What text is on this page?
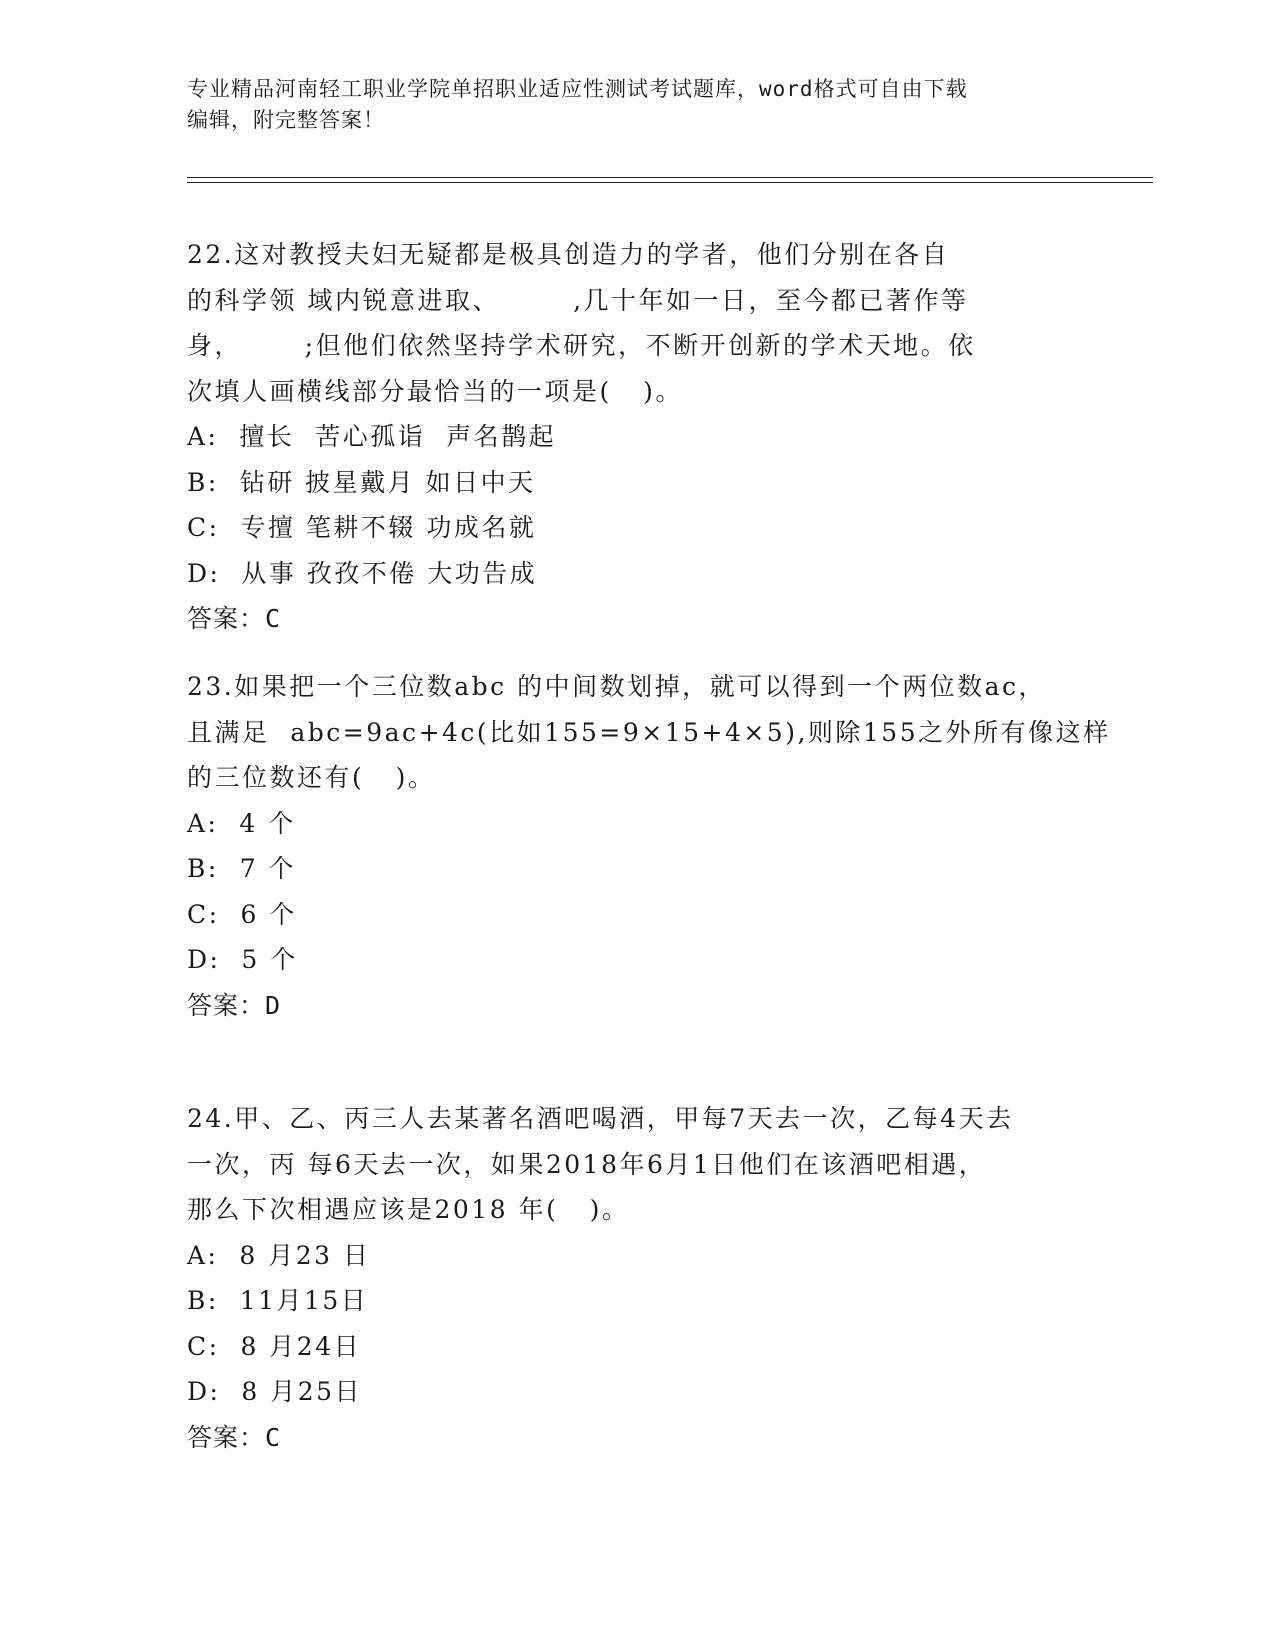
专业精品河南轻工职业学院单招职业适应性测试考试题库，word格式可自由下载
编辑，附完整答案！

22.这对教授夫妇无疑都是极具创造力的学者，他们分别在各自

的科学领 域内锐意进取、       ,几十年如一日，至今都已著作等

身，      ;但他们依然坚持学术研究，不断开创新的学术天地。依

次填人画横线部分最恰当的一项是(   )。

A:  擅长  苦心孤诣  声名鹊起
B:  钻研 披星戴月 如日中天
C:  专擅 笔耕不辍 功成名就
D:  从事 孜孜不倦 大功告成
答案：C

23.如果把一个三位数abc 的中间数划掉，就可以得到一个两位数ac，

且满足  abc=9ac+4c(比如155=9×15+4×5),则除155之外所有像这样

的三位数还有(   )。

A:  4 个
B:  7 个
C:  6 个
D:  5 个
答案：D

24.甲、乙、丙三人去某著名酒吧喝酒，甲每7天去一次，乙每4天去

一次，丙 每6天去一次，如果2018年6月1日他们在该酒吧相遇，

那么下次相遇应该是2018 年(   )。

A:  8 月23 日
B:  11月15日
C:  8 月24日
D:  8 月25日
答案：C
